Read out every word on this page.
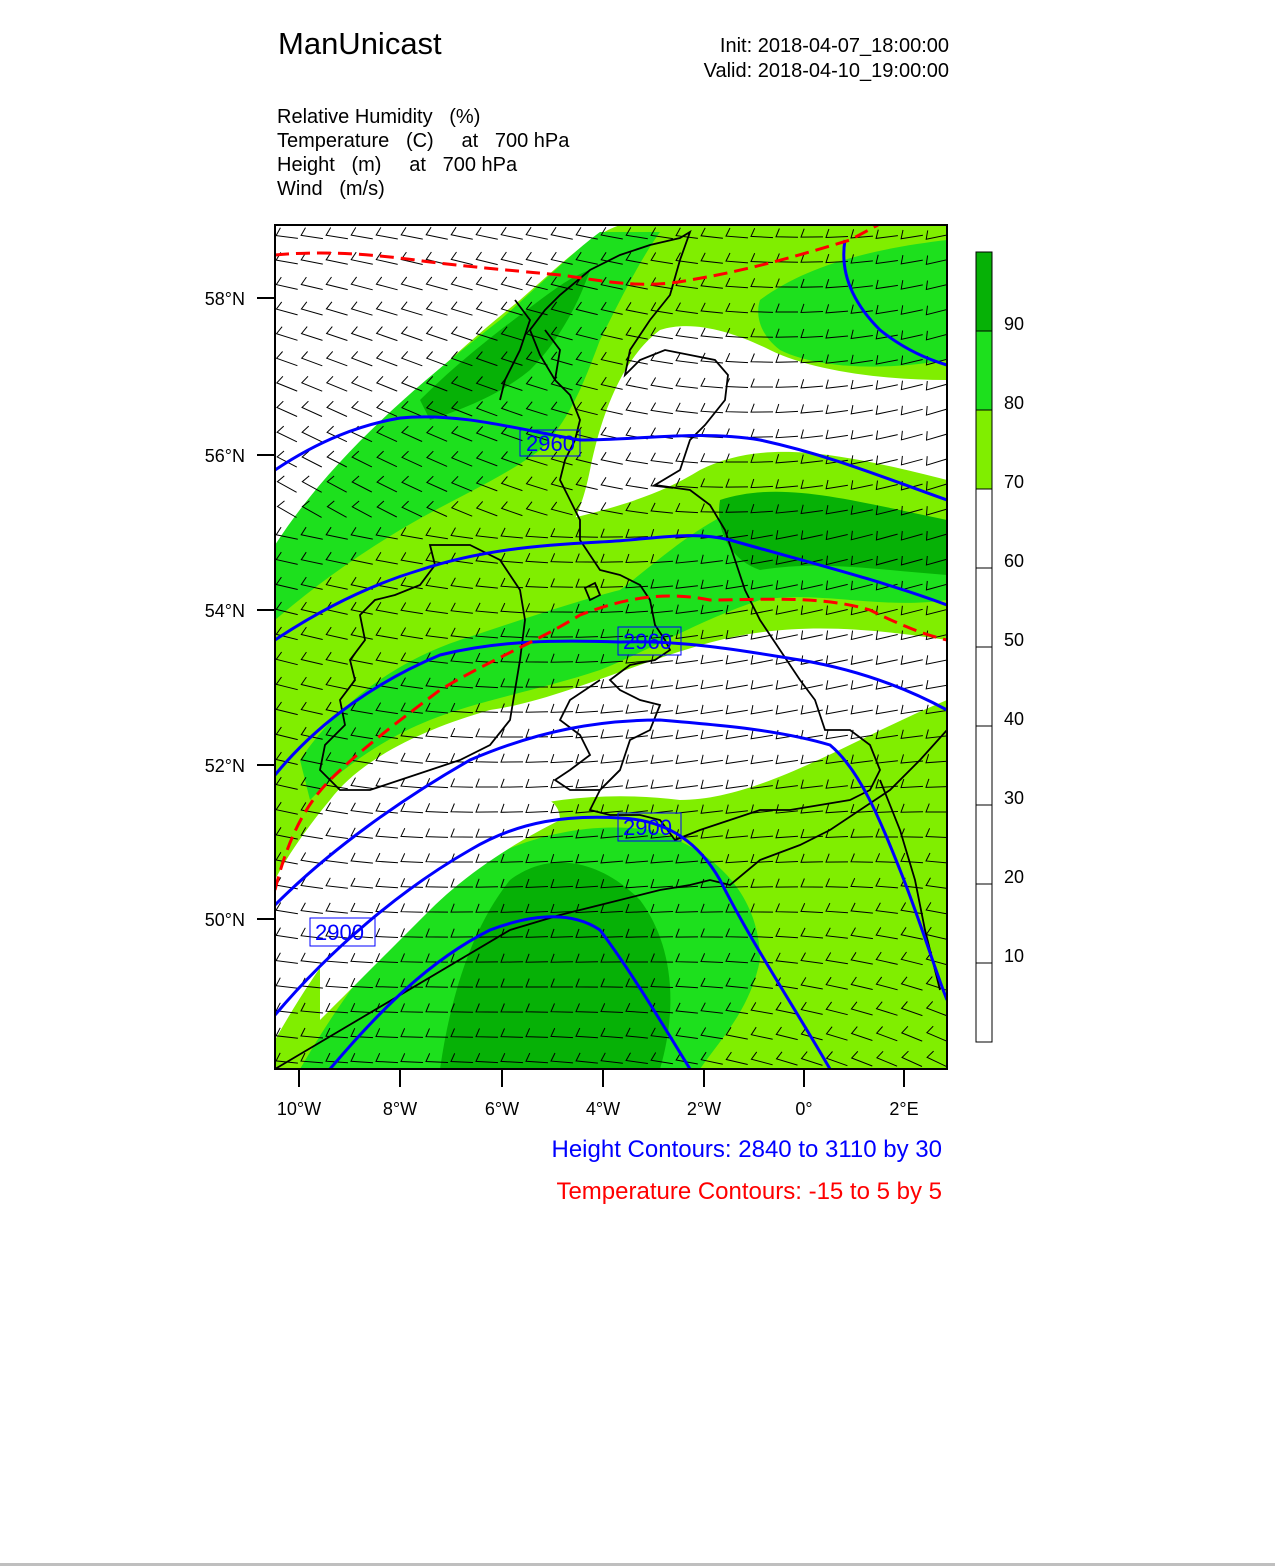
ManUnicast	Init: 2018-04-07_18:00:00
Valid: 2018-04-10_19:00:00
Relative Humidity   (%)
Temperature   (C)     at   700 hPa
Height   (m)     at   700 hPa
Wind   (m/s)
2960
2960
2900
2900
58°N
56°N
54°N
52°N
50°N
10°W	8°W	6°W	4°W	2°W	0°	2°E
90
80
70
60
50
40
30
20
10
Height Contours: 2840 to 3110 by 30
Temperature Contours: -15 to 5 by 5
